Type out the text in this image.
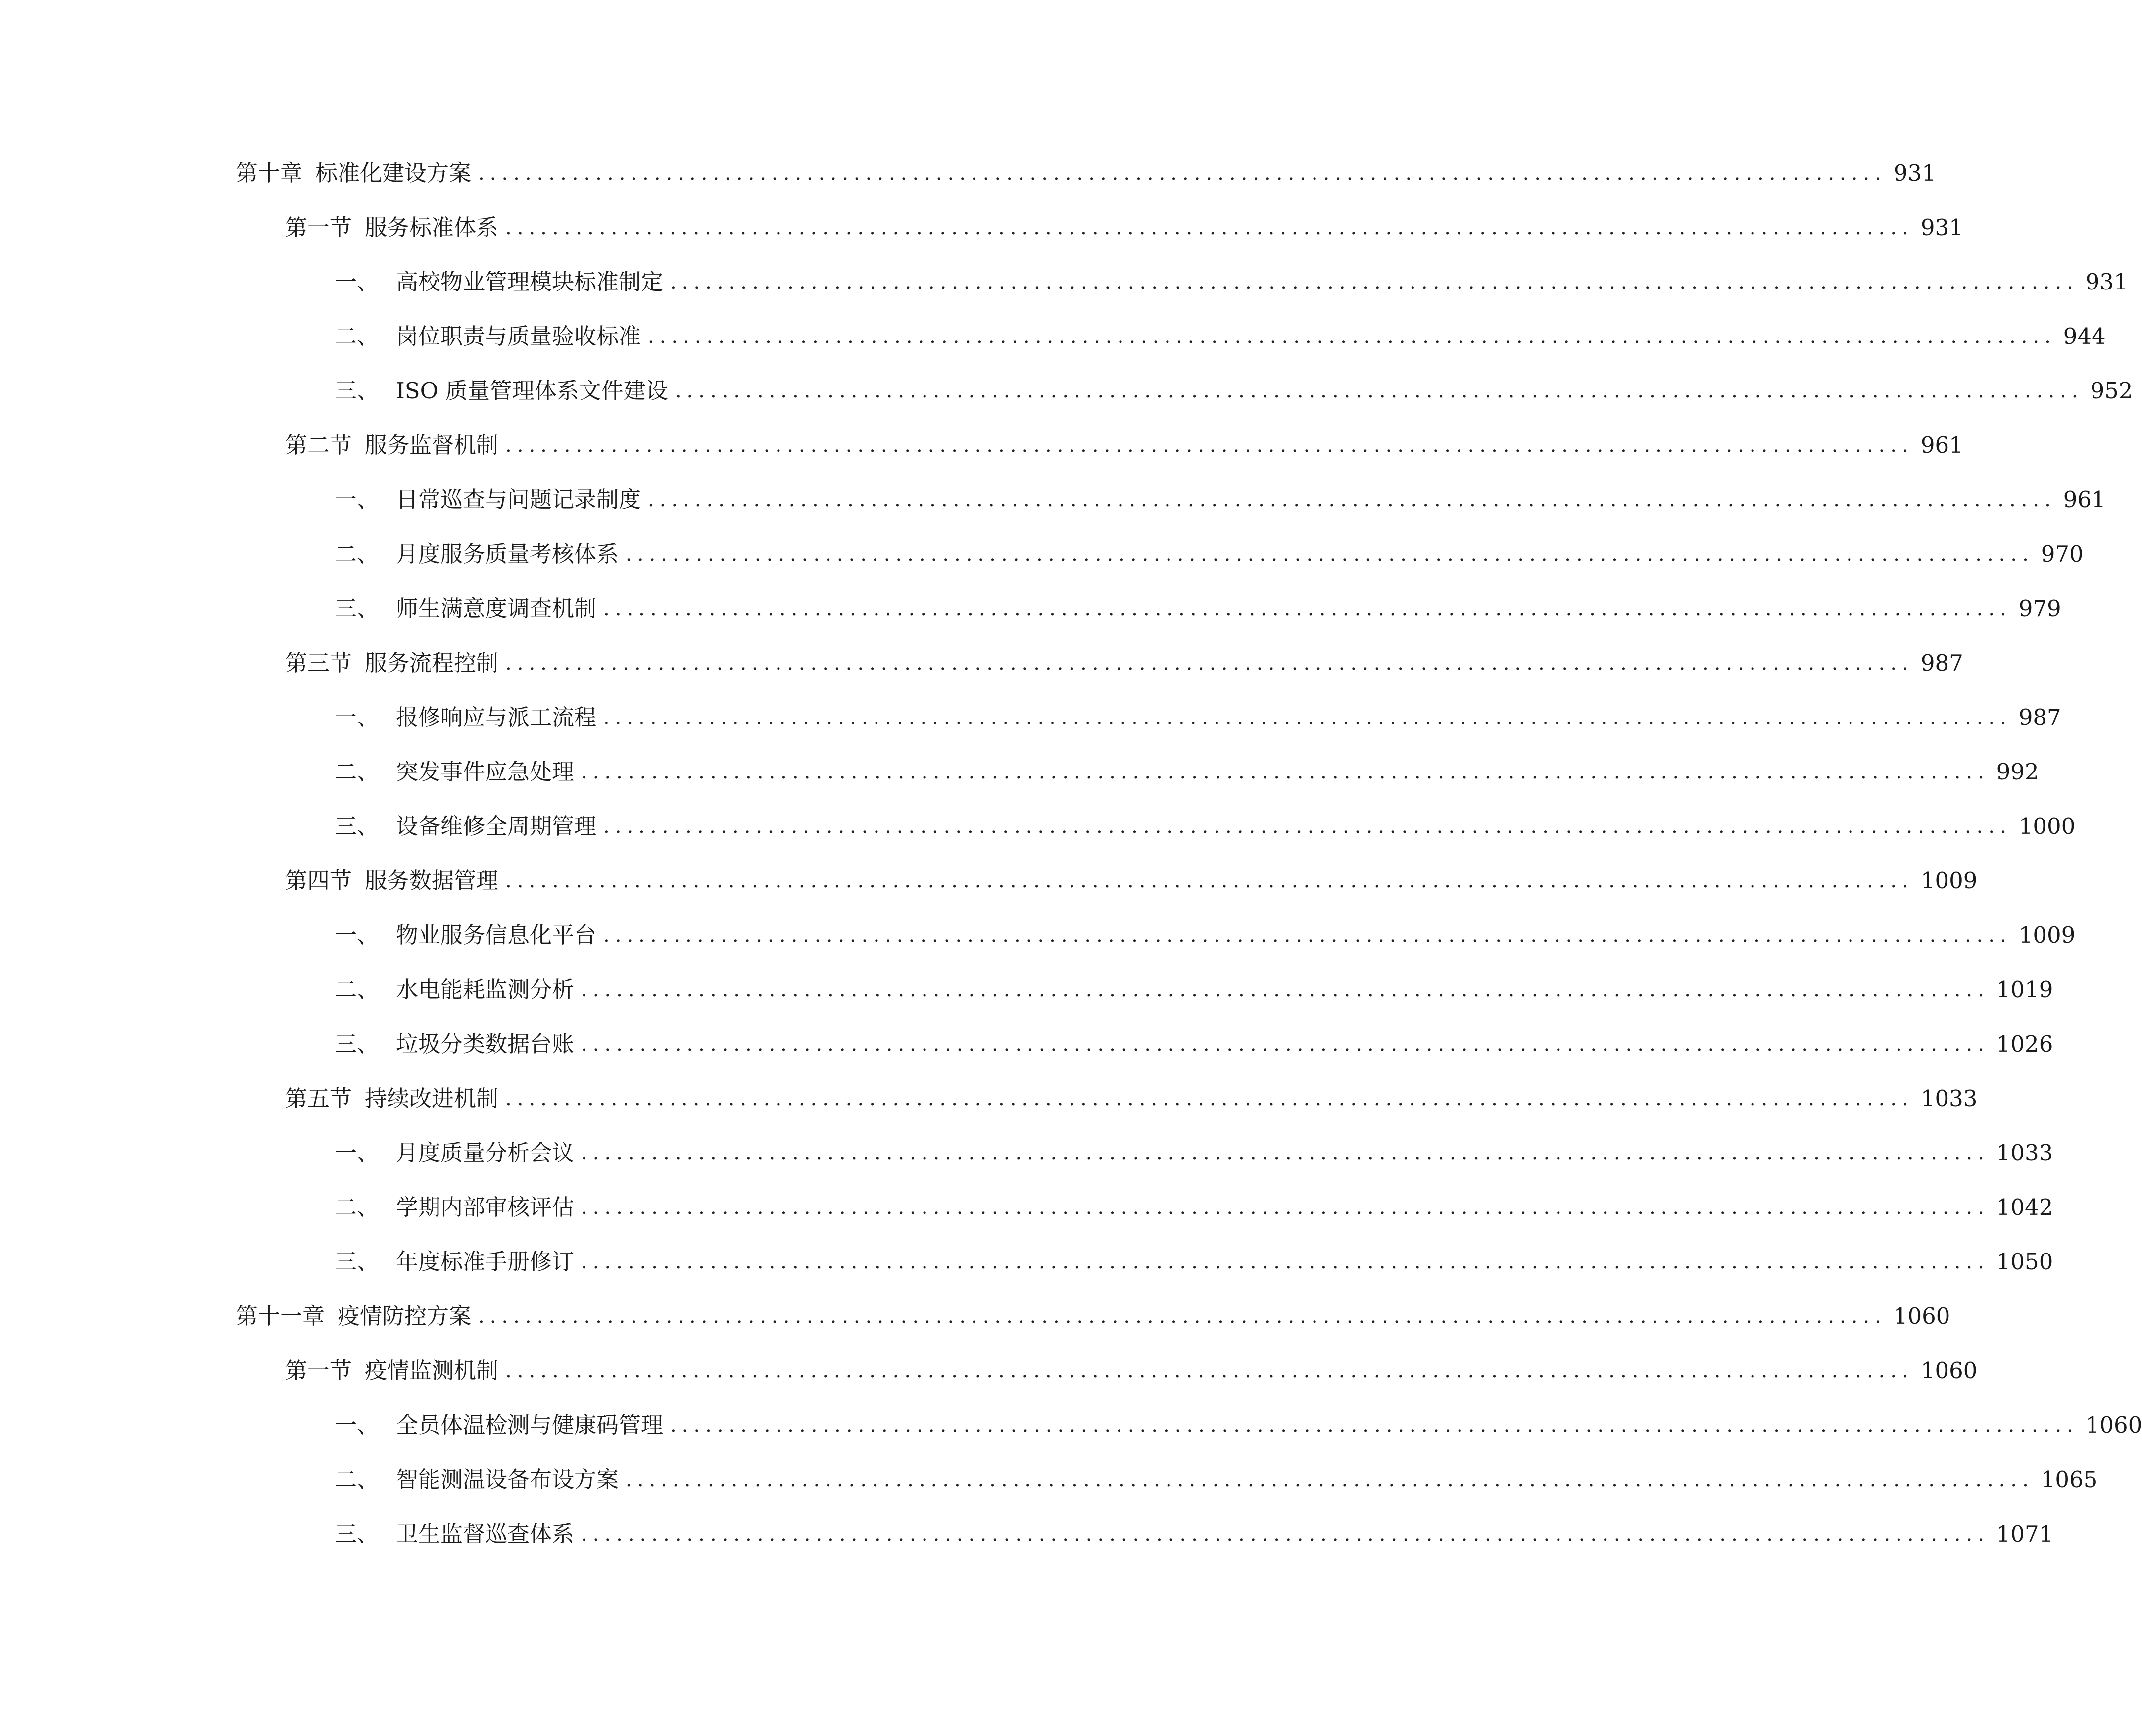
第十章 标准化建设方案 ........................................................................................................................ 931
第一节 服务标准体系 ........................................................................................................................ 931
一、 高校物业管理模块标准制定 ........................................................................................................................ 931
二、 岗位职责与质量验收标准 ........................................................................................................................ 944
三、 ISO 质量管理体系文件建设 ........................................................................................................................ 952
第二节 服务监督机制 ........................................................................................................................ 961
一、 日常巡查与问题记录制度 ........................................................................................................................ 961
二、 月度服务质量考核体系 ........................................................................................................................ 970
三、 师生满意度调查机制 ........................................................................................................................ 979
第三节 服务流程控制 ........................................................................................................................ 987
一、 报修响应与派工流程 ........................................................................................................................ 987
二、 突发事件应急处理 ........................................................................................................................ 992
三、 设备维修全周期管理 ........................................................................................................................ 1000
第四节 服务数据管理 ........................................................................................................................ 1009
一、 物业服务信息化平台 ........................................................................................................................ 1009
二、 水电能耗监测分析 ........................................................................................................................ 1019
三、 垃圾分类数据台账 ........................................................................................................................ 1026
第五节 持续改进机制 ........................................................................................................................ 1033
一、 月度质量分析会议 ........................................................................................................................ 1033
二、 学期内部审核评估 ........................................................................................................................ 1042
三、 年度标准手册修订 ........................................................................................................................ 1050
第十一章 疫情防控方案 ........................................................................................................................ 1060
第一节 疫情监测机制 ........................................................................................................................ 1060
一、 全员体温检测与健康码管理 ........................................................................................................................ 1060
二、 智能测温设备布设方案 ........................................................................................................................ 1065
三、 卫生监督巡查体系 ........................................................................................................................ 1071
